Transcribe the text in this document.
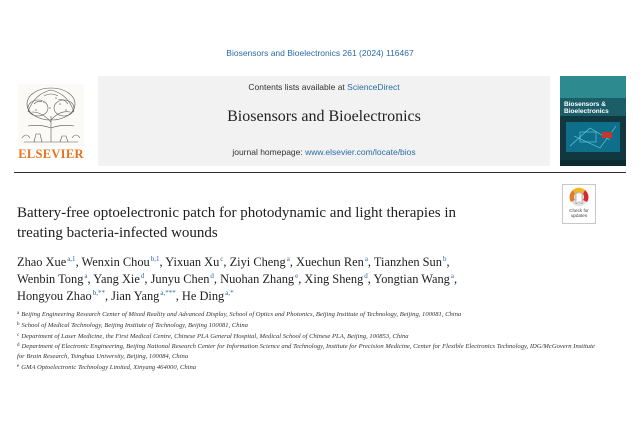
Biosensors and Bioelectronics 261 (2024) 116467
ELSEVIER
Contents lists available at ScienceDirect
Biosensors and Bioelectronics
journal homepage: www.elsevier.com/locate/bios
Biosensors &
Bioelectronics
Check for
updates
Battery-free optoelectronic patch for photodynamic and light therapies in
treating bacteria-infected wounds
Zhao Xue$^{a,1}$, Wenxin Chou$^{b,1}$, Yixuan Xu$^c$, Ziyi Cheng$^a$, Xuechun Ren$^a$, Tianzhen Sun$^b$,
Wenbin Tong$^a$, Yang Xie$^d$, Junyu Chen$^d$, Nuohan Zhang$^e$, Xing Sheng$^d$, Yongtian Wang$^a$,
Hongyou Zhao$^{b,**}$, Jian Yang$^{a,***}$, He Ding$^{a,*}$
$^a$ Beijing Engineering Research Center of Mixed Reality and Advanced Display, School of Optics and Photonics, Beijing Institute of Technology, Beijing, 100081, China
$^b$ School of Medical Technology, Beijing Institute of Technology, Beijing 100081, China
$^c$ Department of Laser Medicine, the First Medical Centre, Chinese PLA General Hospital, Medical School of Chinese PLA, Beijing, 100853, China
$^d$ Department of Electronic Engineering, Beijing National Research Center for Information Science and Technology, Institute for Precision Medicine, Center for Flexible Electronics Technology, IDG/McGovern Institute for Brain Research, Tsinghua University, Beijing, 100084, China
$^e$ GMA Optoelectronic Technology Limited, Xinyang 464000, China
